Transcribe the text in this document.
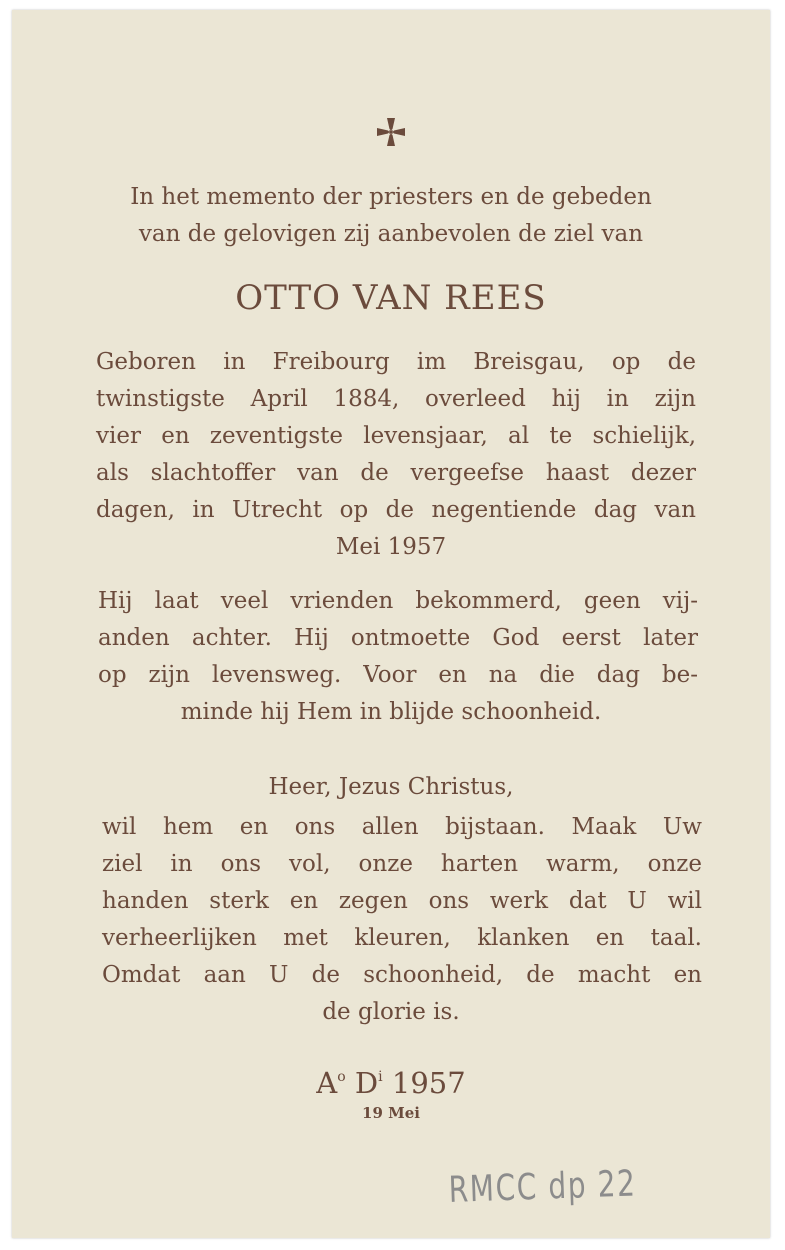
In het memento der priesters en de gebeden
van de gelovigen zij aanbevolen de ziel van
OTTO VAN REES
Geboren in Freibourg im Breisgau, op de
twinstigste April 1884, overleed hij in zijn
vier en zeventigste levensjaar, al te schielijk,
als slachtoffer van de vergeefse haast dezer
dagen, in Utrecht op de negentiende dag van
Mei 1957
Hij laat veel vrienden bekommerd, geen vij-
anden achter. Hij ontmoette God eerst later
op zijn levensweg. Voor en na die dag be-
minde hij Hem in blijde schoonheid.
Heer, Jezus Christus,
wil hem en ons allen bijstaan. Maak Uw
ziel in ons vol, onze harten warm, onze
handen sterk en zegen ons werk dat U wil
verheerlijken met kleuren, klanken en taal.
Omdat aan U de schoonheid, de macht en
de glorie is.
$A^o$ $D^i$ 1957
19 Mei
RMCC dp 22
